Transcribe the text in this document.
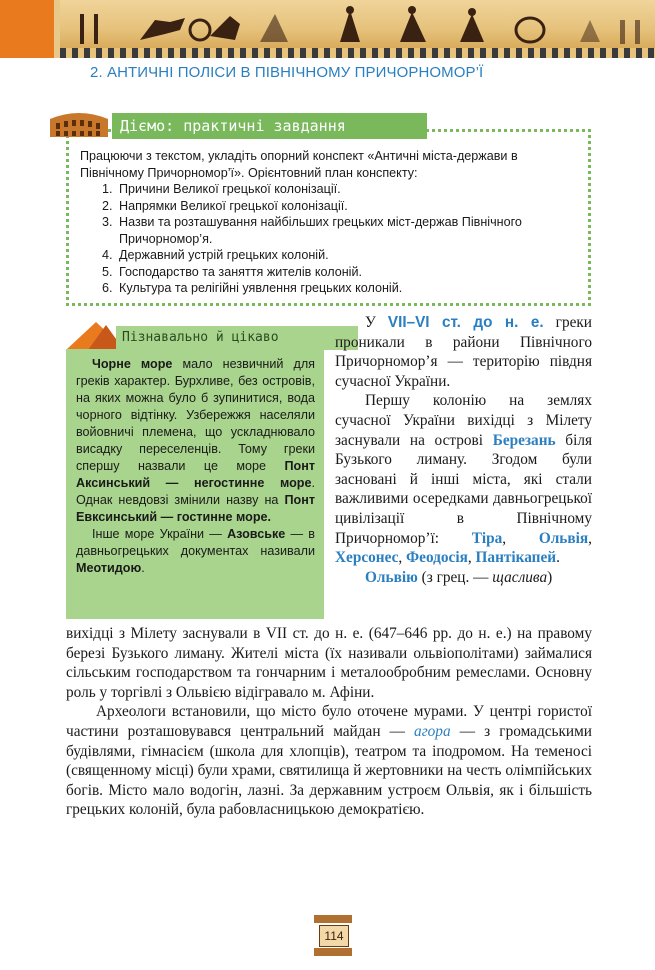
2. АНТИЧНІ ПОЛІСИ В ПІВНІЧНОМУ ПРИЧОРНОМОР’Ї
Діємо: практичні завдання
Працюючи з текстом, укладіть опорний конспект «Античні міста-держави в Північному Причорномор’ї». Орієнтовний план конспекту:
1. Причини Великої грецької колонізації.
2. Напрямки Великої грецької колонізації.
3. Назви та розташування найбільших грецьких міст-держав Північного Причорномор’я.
4. Державний устрій грецьких колоній.
5. Господарство та заняття жителів колоній.
6. Культура та релігійні уявлення грецьких колоній.
Пізнавально й цікаво

Чорне море мало незвичний для греків характер. Бурхливе, без островів, на яких можна було б зупинитися, вода чорного відтінку. Узбережжя населяли войовничі племена, що ускладнювало висадку переселенців. Тому греки спершу назвали це море Понт Аксинський — негостинне море. Однак невдовзі змінили назву на Понт Евксинський — гостинне море.

Інше море України — Азовське — в давньогрецьких документах називали Меотидою.

У VII–VI ст. до н. е. греки проникали в райони Північного Причорномор’я — територію півдня сучасної України.

Першу колонію на землях сучасної України вихідці з Мілету заснували на острові Березань біля Бузького лиману. Згодом були засновані й інші міста, які стали важливими осередками давньогрецької цивілізації в Північному Причорномор’ї: Тіра, Ольвія, Херсонес, Феодосія, Пантікапей.

Ольвію (з грец. — щаслива)

вихідці з Мілету заснували в VII ст. до н. е. (647–646 рр. до н. е.) на правому березі Бузького лиману. Жителі міста (їх називали ольвіополітами) займалися сільським господарством та гончарним і металообробним ремеслами. Основну роль у торгівлі з Ольвією відігравало м. Афіни.

Археологи встановили, що місто було оточене мурами. У центрі гористої частини розташовувався центральний майдан — агора — з громадськими будівлями, гімнасієм (школа для хлопців), театром та іподромом. На теменосі (священному місці) були храми, святилища й жертовники на честь олімпійських богів. Місто мало водогін, лазні. За державним устроєм Ольвія, як і більшість грецьких колоній, була рабовласницькою демократією.

114
